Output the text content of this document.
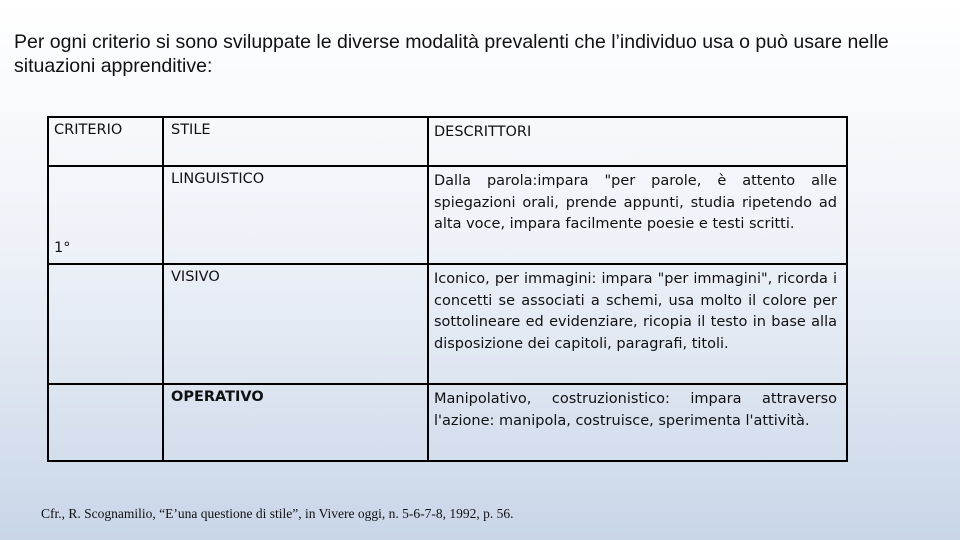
Per ogni criterio si sono sviluppate le diverse modalità prevalenti che l’individuo usa o può usare nelle situazioni apprenditive:

CRITERIO	STILE	DESCRITTORI

1°	LINGUISTICO	Dalla parola:impara "per parole, è attento alle spiegazioni orali, prende appunti, studia ripetendo ad alta voce, impara facilmente poesie e testi scritti.

	VISIVO	Iconico, per immagini: impara "per immagini", ricorda i concetti se associati a schemi, usa molto il colore per sottolineare ed evidenziare, ricopia il testo in base alla disposizione dei capitoli, paragrafi, titoli.

	OPERATIVO	Manipolativo, costruzionistico: impara attraverso l'azione: manipola, costruisce, sperimenta l'attività.
Cfr., R. Scognamilio, “E’una questione di stile”, in Vivere oggi, n. 5-6-7-8, 1992, p. 56.
